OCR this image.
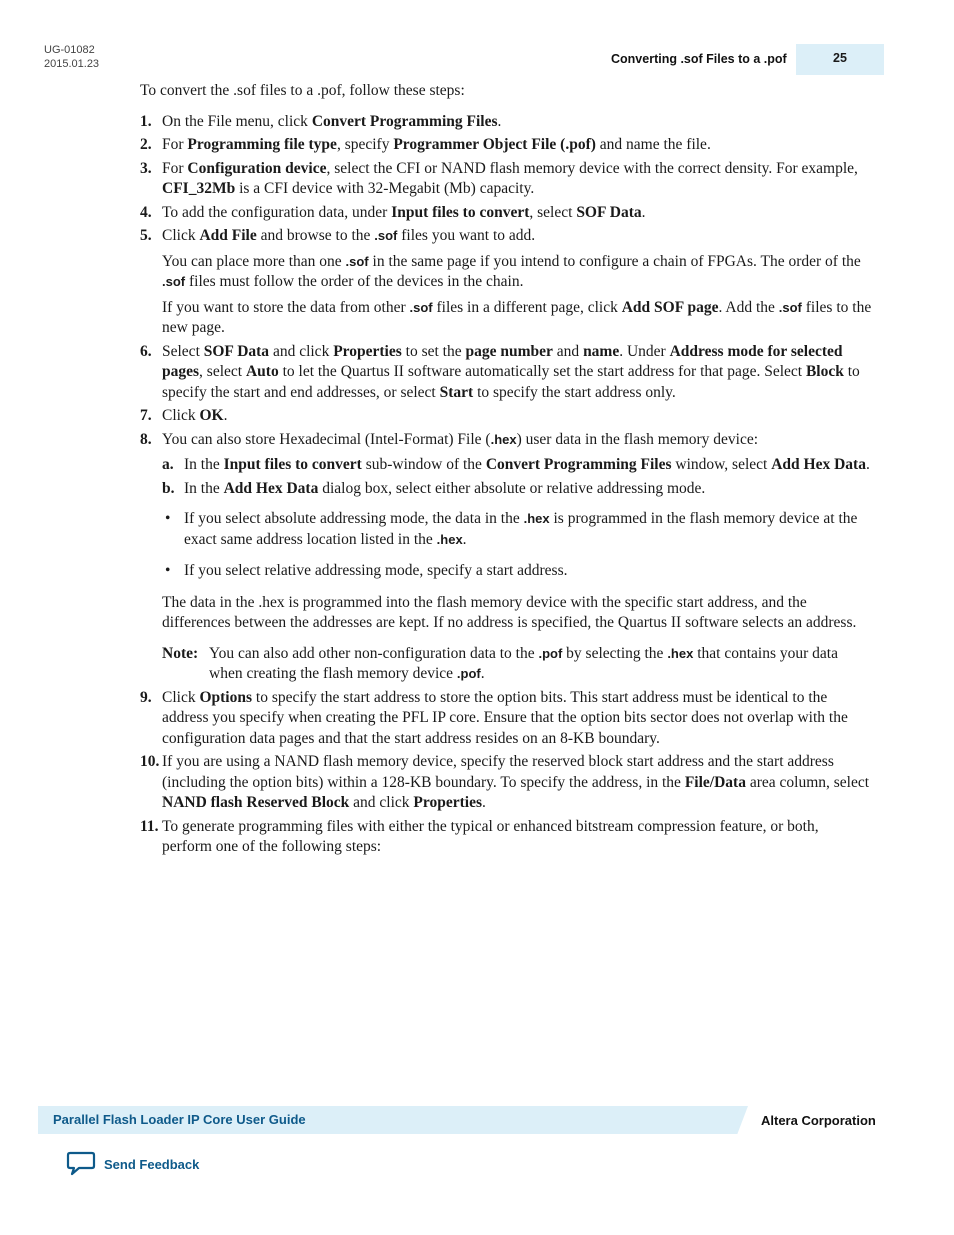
UG-01082
2015.01.23	Converting .sof Files to a .pof	25

To convert the .sof files to a .pof, follow these steps:

1. On the File menu, click Convert Programming Files.
2. For Programming file type, specify Programmer Object File (.pof) and name the file.
3. For Configuration device, select the CFI or NAND flash memory device with the correct density. For example, CFI_32Mb is a CFI device with 32-Megabit (Mb) capacity.
4. To add the configuration data, under Input files to convert, select SOF Data.
5. Click Add File and browse to the .sof files you want to add.

You can place more than one .sof in the same page if you intend to configure a chain of FPGAs. The order of the .sof files must follow the order of the devices in the chain.

If you want to store the data from other .sof files in a different page, click Add SOF page. Add the .sof files to the new page.

6. Select SOF Data and click Properties to set the page number and name. Under Address mode for selected pages, select Auto to let the Quartus II software automatically set the start address for that page. Select Block to specify the start and end addresses, or select Start to specify the start address only.
7. Click OK.
8. You can also store Hexadecimal (Intel-Format) File (.hex) user data in the flash memory device:

a. In the Input files to convert sub-window of the Convert Programming Files window, select Add Hex Data.
b. In the Add Hex Data dialog box, select either absolute or relative addressing mode.
• If you select absolute addressing mode, the data in the .hex is programmed in the flash memory device at the exact same address location listed in the .hex.
• If you select relative addressing mode, specify a start address.

The data in the .hex is programmed into the flash memory device with the specific start address, and the differences between the addresses are kept. If no address is specified, the Quartus II software selects an address.

Note: You can also add other non-configuration data to the .pof by selecting the .hex that contains your data when creating the flash memory device .pof.

9. Click Options to specify the start address to store the option bits. This start address must be identical to the address you specify when creating the PFL IP core. Ensure that the option bits sector does not overlap with the configuration data pages and that the start address resides on an 8-KB boundary.
10. If you are using a NAND flash memory device, specify the reserved block start address and the start address (including the option bits) within a 128-KB boundary. To specify the address, in the File/Data area column, select NAND flash Reserved Block and click Properties.
11. To generate programming files with either the typical or enhanced bitstream compression feature, or both, perform one of the following steps:
Parallel Flash Loader IP Core User Guide	Altera Corporation
Send Feedback
